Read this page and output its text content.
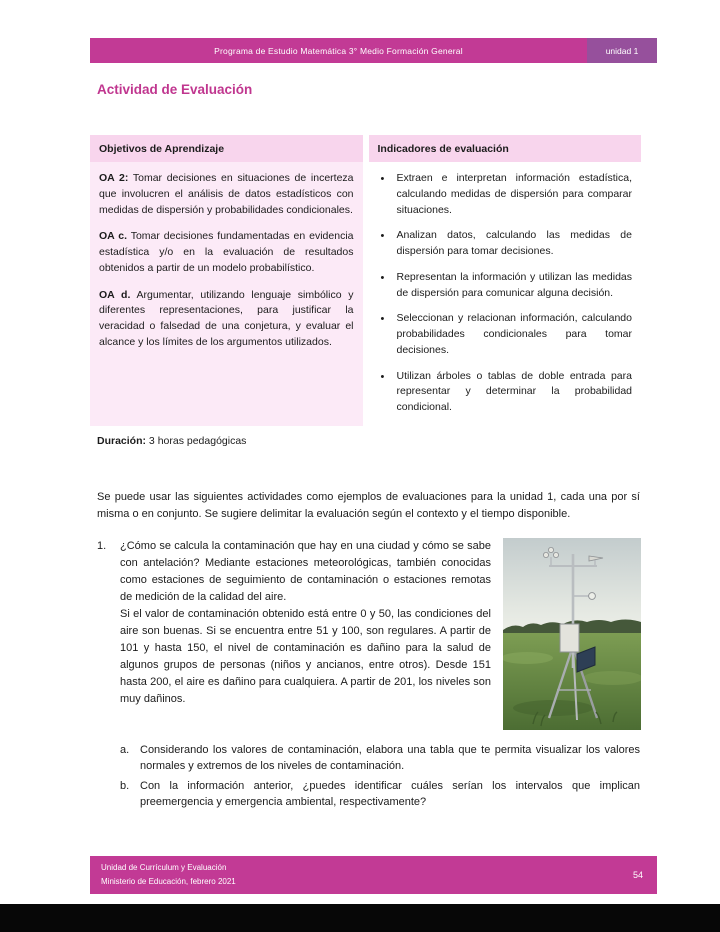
Programa de Estudio Matemática 3° Medio Formación General	unidad 1
Actividad de Evaluación
Objetivos de Aprendizaje

OA 2: Tomar decisiones en situaciones de incerteza que involucren el análisis de datos estadísticos con medidas de dispersión y probabilidades condicionales.

OA c. Tomar decisiones fundamentadas en evidencia estadística y/o en la evaluación de resultados obtenidos a partir de un modelo probabilístico.

OA d. Argumentar, utilizando lenguaje simbólico y diferentes representaciones, para justificar la veracidad o falsedad de una conjetura, y evaluar el alcance y los límites de los argumentos utilizados.

Indicadores de evaluación
•
Extraen e interpretan información estadística, calculando medidas de dispersión para comparar situaciones.
•
Analizan datos, calculando las medidas de dispersión para tomar decisiones.
•
Representan la información y utilizan las medidas de dispersión para comunicar alguna decisión.
•
Seleccionan y relacionan información, calculando probabilidades condicionales para tomar decisiones.
•
Utilizan árboles o tablas de doble entrada para representar y determinar la probabilidad condicional.
Duración: 3 horas pedagógicas
Se puede usar las siguientes actividades como ejemplos de evaluaciones para la unidad 1, cada una por sí misma o en conjunto. Se sugiere delimitar la evaluación según el contexto y el tiempo disponible.
1.	¿Cómo se calcula la contaminación que hay en una ciudad y cómo se sabe con antelación? Mediante estaciones meteorológicas, también conocidas como estaciones de seguimiento de contaminación o estaciones remotas de medición de la calidad del aire.

Si el valor de contaminación obtenido está entre 0 y 50, las condiciones del aire son buenas. Si se encuentra entre 51 y 100, son regulares. A partir de 101 y hasta 150, el nivel de contaminación es dañino para la salud de algunos grupos de personas (niños y ancianos, entre otros). Desde 151 hasta 200, el aire es dañino para cualquiera. A partir de 201, los niveles son muy dañinos.

a. Considerando los valores de contaminación, elabora una tabla que te permita visualizar los valores normales y extremos de los niveles de contaminación.
b. Con la información anterior, ¿puedes identificar cuáles serían los intervalos que implican preemergencia y emergencia ambiental, respectivamente?
Unidad de Currículum y Evaluación
Ministerio de Educación, febrero 2021
54
